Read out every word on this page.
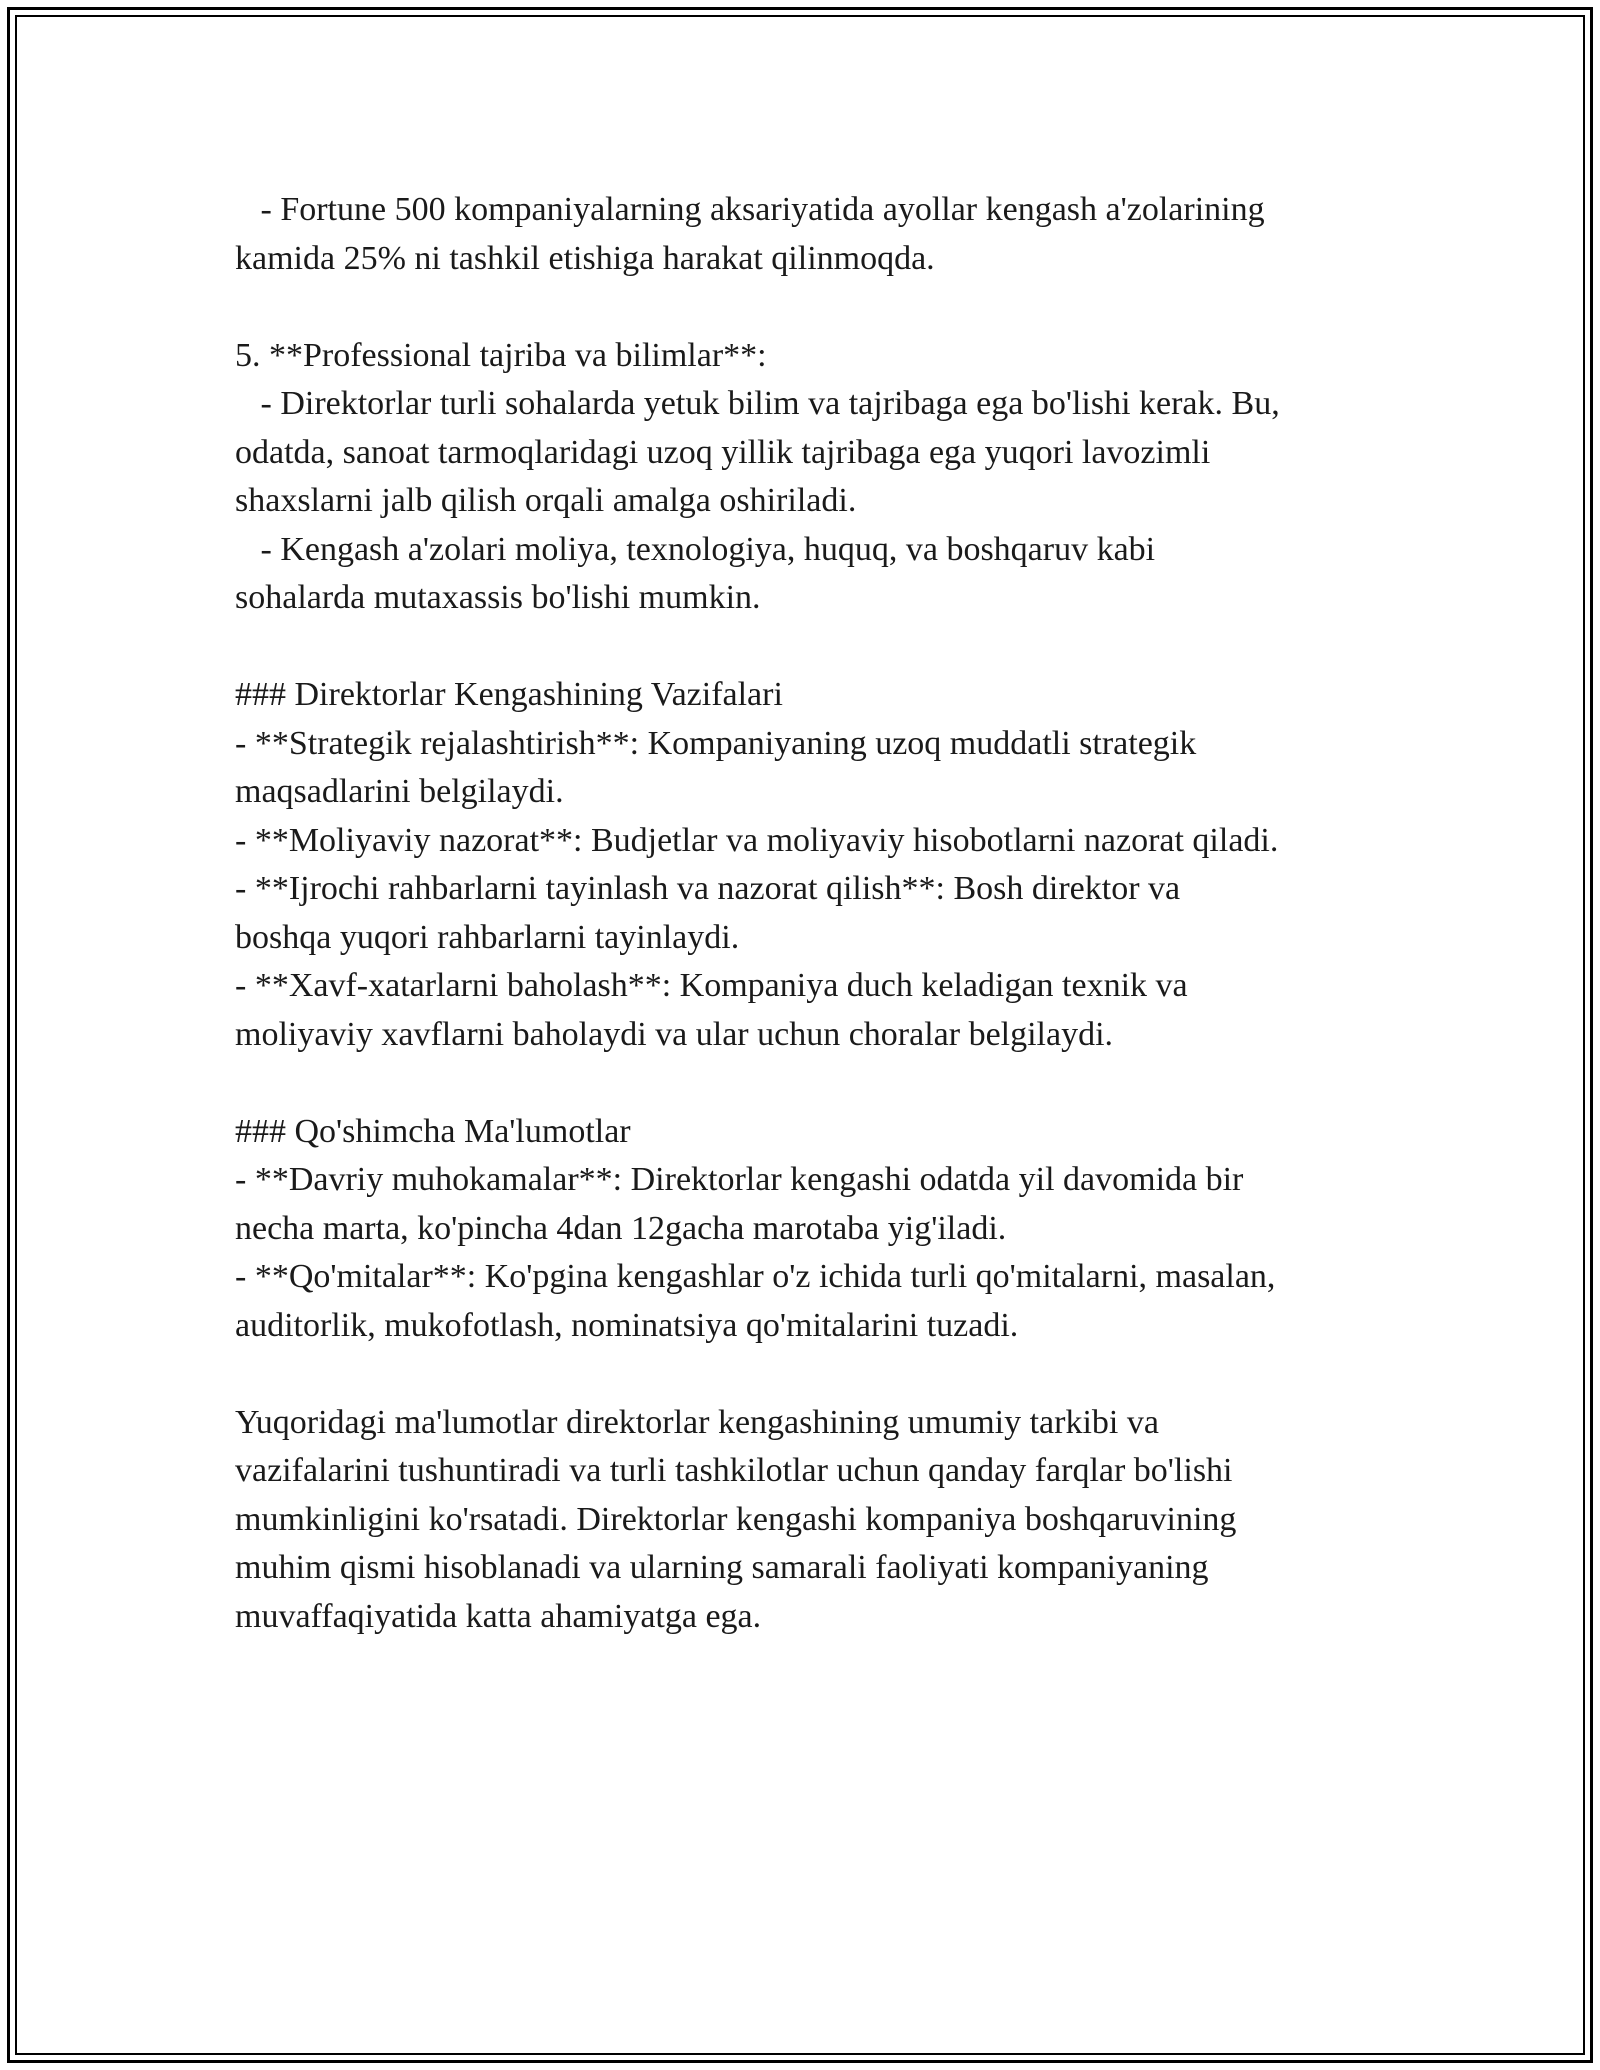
- Fortune 500 kompaniyalarning aksariyatida ayollar kengash a'zolarining
kamida 25% ni tashkil etishiga harakat qilinmoqda.
5. **Professional tajriba va bilimlar**:
- Direktorlar turli sohalarda yetuk bilim va tajribaga ega bo'lishi kerak. Bu,
odatda, sanoat tarmoqlaridagi uzoq yillik tajribaga ega yuqori lavozimli
shaxslarni jalb qilish orqali amalga oshiriladi.
- Kengash a'zolari moliya, texnologiya, huquq, va boshqaruv kabi
sohalarda mutaxassis bo'lishi mumkin.
### Direktorlar Kengashining Vazifalari
- **Strategik rejalashtirish**: Kompaniyaning uzoq muddatli strategik
maqsadlarini belgilaydi.
- **Moliyaviy nazorat**: Budjetlar va moliyaviy hisobotlarni nazorat qiladi.
- **Ijrochi rahbarlarni tayinlash va nazorat qilish**: Bosh direktor va
boshqa yuqori rahbarlarni tayinlaydi.
- **Xavf-xatarlarni baholash**: Kompaniya duch keladigan texnik va
moliyaviy xavflarni baholaydi va ular uchun choralar belgilaydi.
### Qo'shimcha Ma'lumotlar
- **Davriy muhokamalar**: Direktorlar kengashi odatda yil davomida bir
necha marta, ko'pincha 4dan 12gacha marotaba yig'iladi.
- **Qo'mitalar**: Ko'pgina kengashlar o'z ichida turli qo'mitalarni, masalan,
auditorlik, mukofotlash, nominatsiya qo'mitalarini tuzadi.
Yuqoridagi ma'lumotlar direktorlar kengashining umumiy tarkibi va
vazifalarini tushuntiradi va turli tashkilotlar uchun qanday farqlar bo'lishi
mumkinligini ko'rsatadi. Direktorlar kengashi kompaniya boshqaruvining
muhim qismi hisoblanadi va ularning samarali faoliyati kompaniyaning
muvaffaqiyatida katta ahamiyatga ega.
